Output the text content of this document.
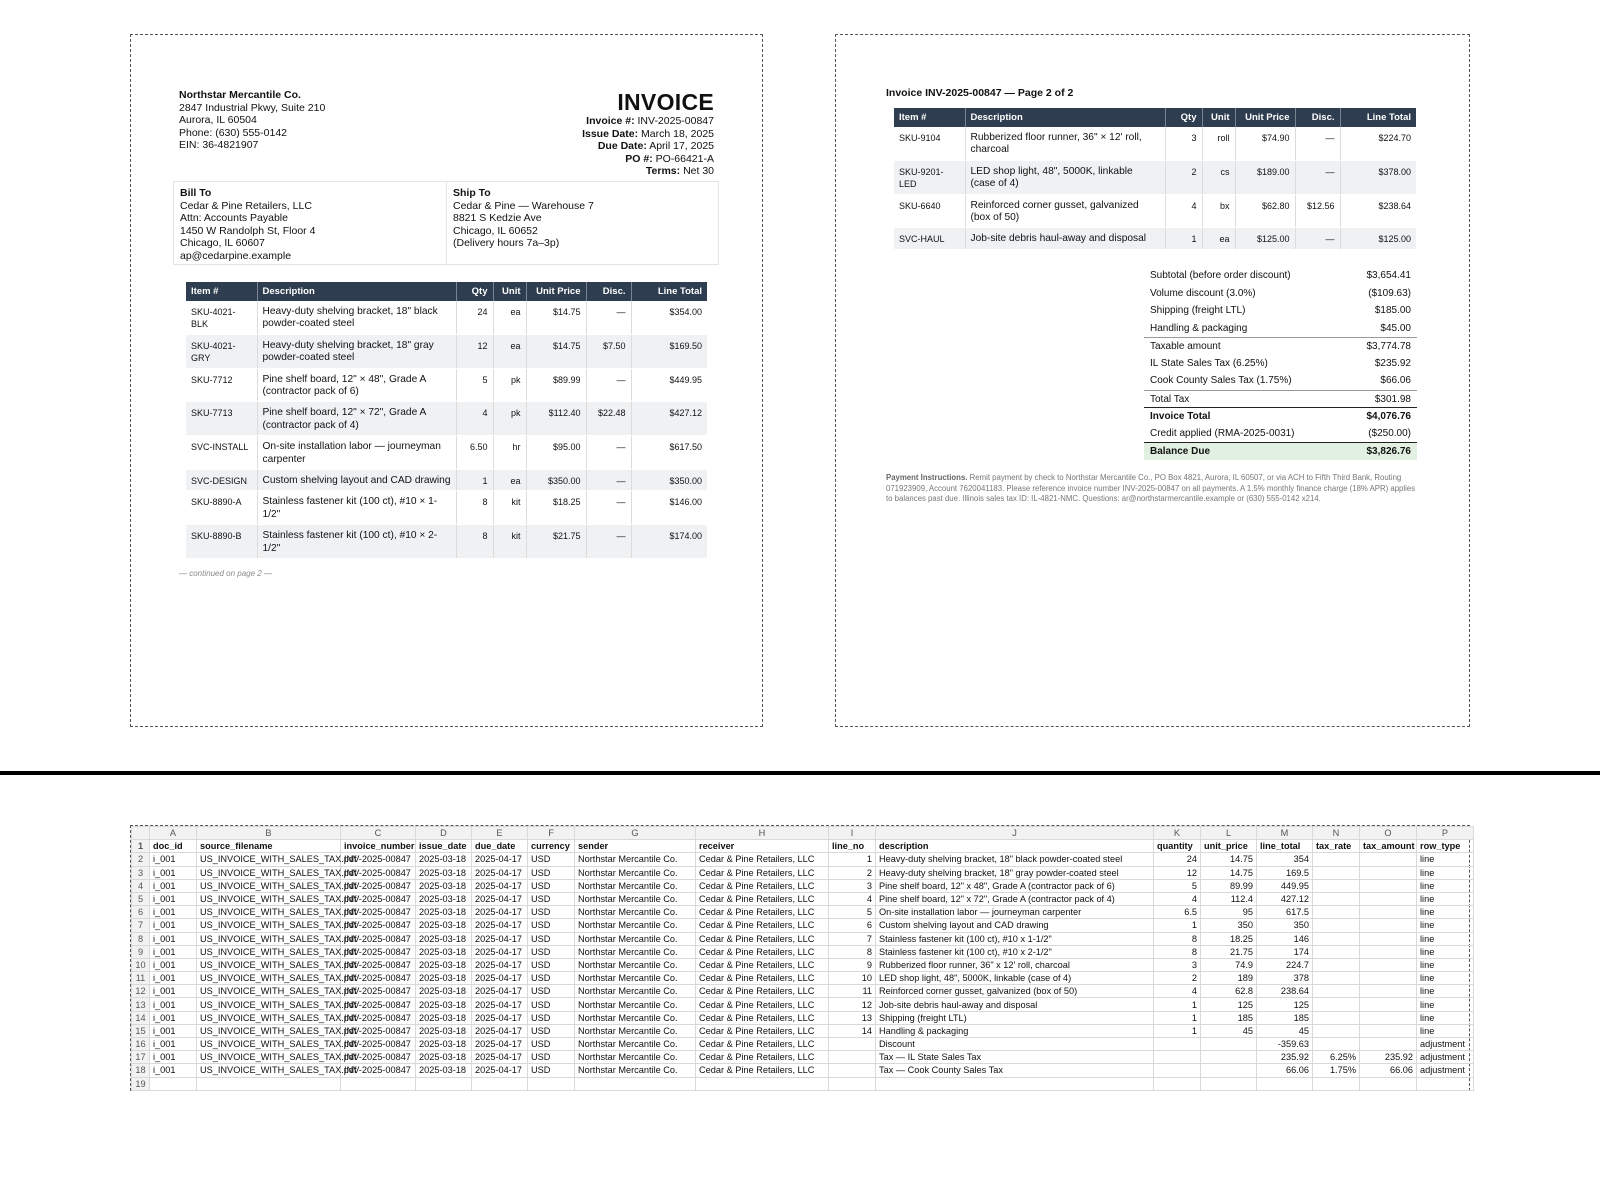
Northstar Mercantile Co.
2847 Industrial Pkwy, Suite 210
Aurora, IL 60504
Phone: (630) 555-0142
EIN: 36-4821907
INVOICE
Invoice #: INV-2025-00847
Issue Date: March 18, 2025
Due Date: April 17, 2025
PO #: PO-66421-A
Terms: Net 30
Bill To
Cedar & Pine Retailers, LLC
Attn: Accounts Payable
1450 W Randolph St, Floor 4
Chicago, IL 60607
ap@cedarpine.example
Ship To
Cedar & Pine — Warehouse 7
8821 S Kedzie Ave
Chicago, IL 60652
(Delivery hours 7a–3p)
Item #	Description	Qty	Unit	Unit Price	Disc.	Line Total
SKU-4021-BLK	Heavy-duty shelving bracket, 18" black powder-coated steel	24	ea	$14.75	—	$354.00
SKU-4021-GRY	Heavy-duty shelving bracket, 18" gray powder-coated steel	12	ea	$14.75	$7.50	$169.50
SKU-7712	Pine shelf board, 12" × 48", Grade A (contractor pack of 6)	5	pk	$89.99	—	$449.95
SKU-7713	Pine shelf board, 12" × 72", Grade A (contractor pack of 4)	4	pk	$112.40	$22.48	$427.12
SVC-INSTALL	On-site installation labor — journeyman carpenter	6.50	hr	$95.00	—	$617.50
SVC-DESIGN	Custom shelving layout and CAD drawing	1	ea	$350.00	—	$350.00
SKU-8890-A	Stainless fastener kit (100 ct), #10 × 1-1/2"	8	kit	$18.25	—	$146.00
SKU-8890-B	Stainless fastener kit (100 ct), #10 × 2-1/2"	8	kit	$21.75	—	$174.00
— continued on page 2 —
Invoice INV-2025-00847 — Page 2 of 2
Item #	Description	Qty	Unit	Unit Price	Disc.	Line Total
SKU-9104	Rubberized floor runner, 36" × 12' roll, charcoal	3	roll	$74.90	—	$224.70
SKU-9201-LED	LED shop light, 48", 5000K, linkable (case of 4)	2	cs	$189.00	—	$378.00
SKU-6640	Reinforced corner gusset, galvanized (box of 50)	4	bx	$62.80	$12.56	$238.64
SVC-HAUL	Job-site debris haul-away and disposal	1	ea	$125.00	—	$125.00
Subtotal (before order discount)	$3,654.41
Volume discount (3.0%)	($109.63)
Shipping (freight LTL)	$185.00
Handling & packaging	$45.00
Taxable amount	$3,774.78
IL State Sales Tax (6.25%)	$235.92
Cook County Sales Tax (1.75%)	$66.06
Total Tax	$301.98
Invoice Total	$4,076.76
Credit applied (RMA-2025-0031)	($250.00)
Balance Due	$3,826.76
Payment Instructions. Remit payment by check to Northstar Mercantile Co., PO Box 4821, Aurora, IL 60507, or via ACH to Fifth Third Bank, Routing 071923909, Account 7620041183. Please reference invoice number INV-2025-00847 on all payments. A 1.5% monthly finance charge (18% APR) applies to balances past due. Illinois sales tax ID: IL-4821-NMC. Questions: ar@northstarmercantile.example or (630) 555-0142 x214.
	A	B	C	D	E	F	G	H	I	J	K	L	M	N	O	P
1	doc_id	source_filename	invoice_number	issue_date	due_date	currency	sender	receiver	line_no	description	quantity	unit_price	line_total	tax_rate	tax_amount	row_type
2	i_001	US_INVOICE_WITH_SALES_TAX.pdf	INV-2025-00847	2025-03-18	2025-04-17	USD	Northstar Mercantile Co.	Cedar & Pine Retailers, LLC	1	Heavy-duty shelving bracket, 18" black powder-coated steel	24	14.75	354			line
3	i_001	US_INVOICE_WITH_SALES_TAX.pdf	INV-2025-00847	2025-03-18	2025-04-17	USD	Northstar Mercantile Co.	Cedar & Pine Retailers, LLC	2	Heavy-duty shelving bracket, 18" gray powder-coated steel	12	14.75	169.5			line
4	i_001	US_INVOICE_WITH_SALES_TAX.pdf	INV-2025-00847	2025-03-18	2025-04-17	USD	Northstar Mercantile Co.	Cedar & Pine Retailers, LLC	3	Pine shelf board, 12" x 48", Grade A (contractor pack of 6)	5	89.99	449.95			line
5	i_001	US_INVOICE_WITH_SALES_TAX.pdf	INV-2025-00847	2025-03-18	2025-04-17	USD	Northstar Mercantile Co.	Cedar & Pine Retailers, LLC	4	Pine shelf board, 12" x 72", Grade A (contractor pack of 4)	4	112.4	427.12			line
6	i_001	US_INVOICE_WITH_SALES_TAX.pdf	INV-2025-00847	2025-03-18	2025-04-17	USD	Northstar Mercantile Co.	Cedar & Pine Retailers, LLC	5	On-site installation labor — journeyman carpenter	6.5	95	617.5			line
7	i_001	US_INVOICE_WITH_SALES_TAX.pdf	INV-2025-00847	2025-03-18	2025-04-17	USD	Northstar Mercantile Co.	Cedar & Pine Retailers, LLC	6	Custom shelving layout and CAD drawing	1	350	350			line
8	i_001	US_INVOICE_WITH_SALES_TAX.pdf	INV-2025-00847	2025-03-18	2025-04-17	USD	Northstar Mercantile Co.	Cedar & Pine Retailers, LLC	7	Stainless fastener kit (100 ct), #10 x 1-1/2"	8	18.25	146			line
9	i_001	US_INVOICE_WITH_SALES_TAX.pdf	INV-2025-00847	2025-03-18	2025-04-17	USD	Northstar Mercantile Co.	Cedar & Pine Retailers, LLC	8	Stainless fastener kit (100 ct), #10 x 2-1/2"	8	21.75	174			line
10	i_001	US_INVOICE_WITH_SALES_TAX.pdf	INV-2025-00847	2025-03-18	2025-04-17	USD	Northstar Mercantile Co.	Cedar & Pine Retailers, LLC	9	Rubberized floor runner, 36" x 12' roll, charcoal	3	74.9	224.7			line
11	i_001	US_INVOICE_WITH_SALES_TAX.pdf	INV-2025-00847	2025-03-18	2025-04-17	USD	Northstar Mercantile Co.	Cedar & Pine Retailers, LLC	10	LED shop light, 48", 5000K, linkable (case of 4)	2	189	378			line
12	i_001	US_INVOICE_WITH_SALES_TAX.pdf	INV-2025-00847	2025-03-18	2025-04-17	USD	Northstar Mercantile Co.	Cedar & Pine Retailers, LLC	11	Reinforced corner gusset, galvanized (box of 50)	4	62.8	238.64			line
13	i_001	US_INVOICE_WITH_SALES_TAX.pdf	INV-2025-00847	2025-03-18	2025-04-17	USD	Northstar Mercantile Co.	Cedar & Pine Retailers, LLC	12	Job-site debris haul-away and disposal	1	125	125			line
14	i_001	US_INVOICE_WITH_SALES_TAX.pdf	INV-2025-00847	2025-03-18	2025-04-17	USD	Northstar Mercantile Co.	Cedar & Pine Retailers, LLC	13	Shipping (freight LTL)	1	185	185			line
15	i_001	US_INVOICE_WITH_SALES_TAX.pdf	INV-2025-00847	2025-03-18	2025-04-17	USD	Northstar Mercantile Co.	Cedar & Pine Retailers, LLC	14	Handling & packaging	1	45	45			line
16	i_001	US_INVOICE_WITH_SALES_TAX.pdf	INV-2025-00847	2025-03-18	2025-04-17	USD	Northstar Mercantile Co.	Cedar & Pine Retailers, LLC		Discount			-359.63			adjustment
17	i_001	US_INVOICE_WITH_SALES_TAX.pdf	INV-2025-00847	2025-03-18	2025-04-17	USD	Northstar Mercantile Co.	Cedar & Pine Retailers, LLC		Tax — IL State Sales Tax			235.92	6.25%	235.92	adjustment
18	i_001	US_INVOICE_WITH_SALES_TAX.pdf	INV-2025-00847	2025-03-18	2025-04-17	USD	Northstar Mercantile Co.	Cedar & Pine Retailers, LLC		Tax — Cook County Sales Tax			66.06	1.75%	66.06	adjustment
19																
